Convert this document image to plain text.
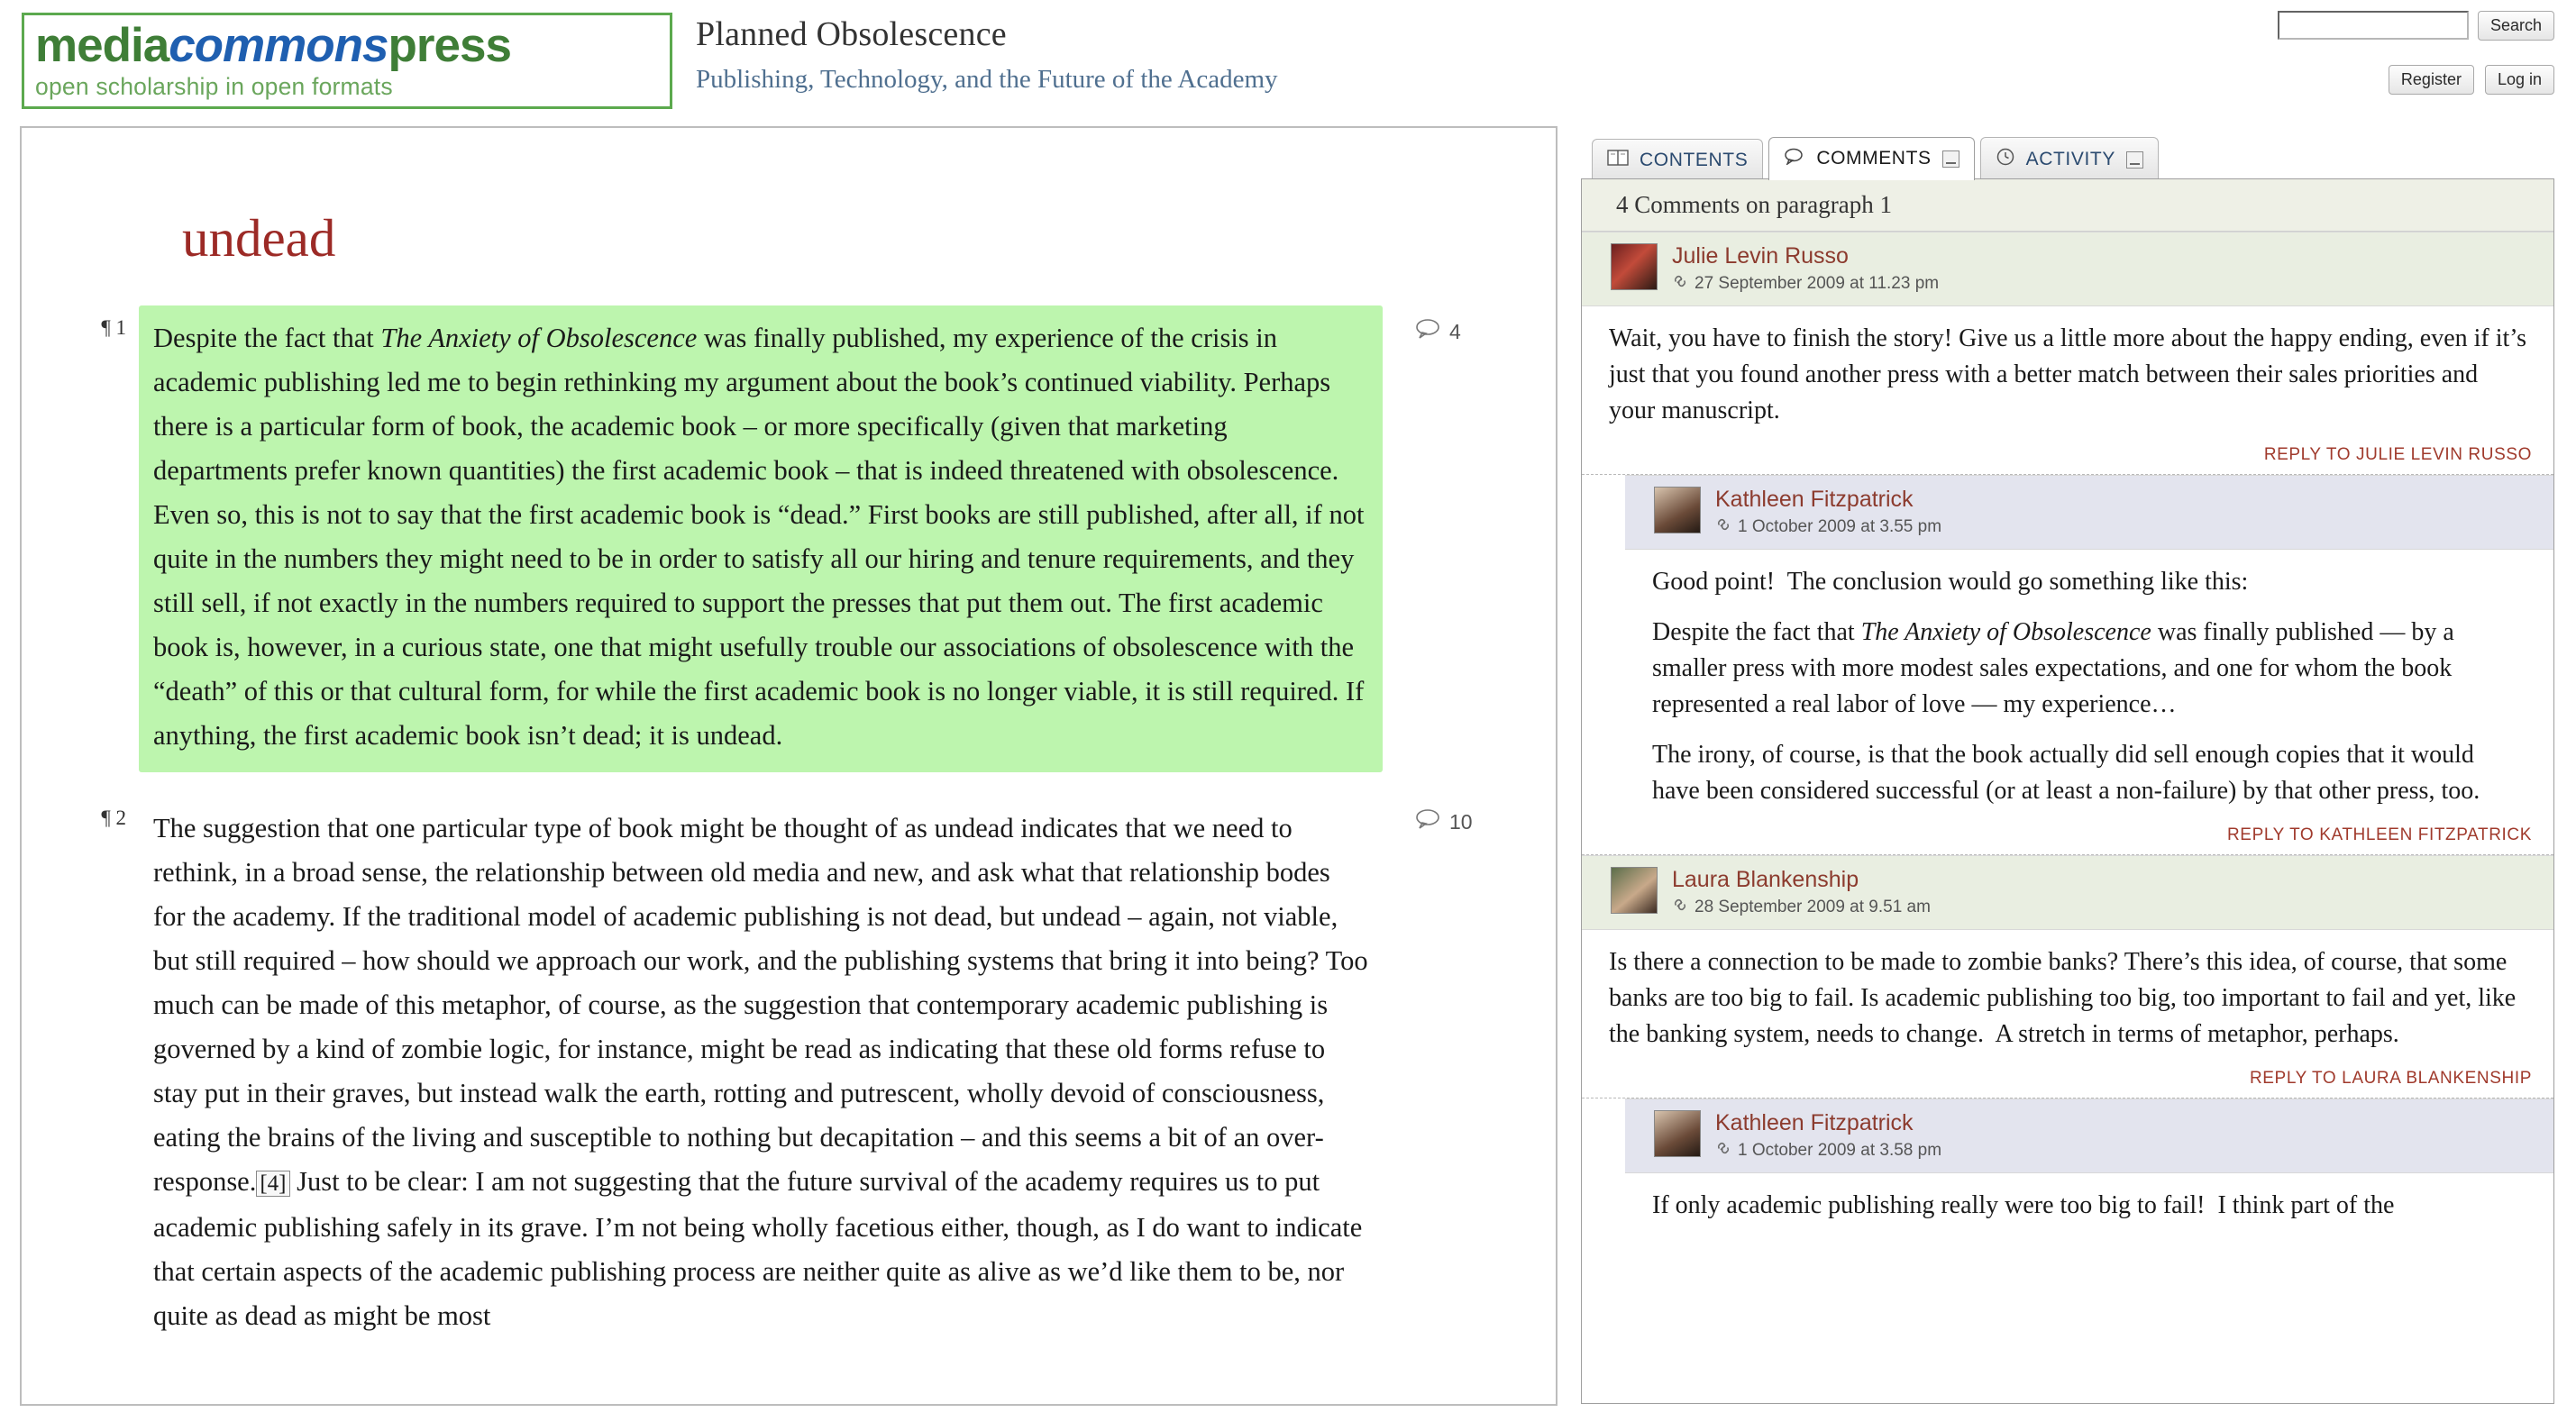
mediacommonspress
open scholarship in open formats
Planned Obsolescence
Publishing, Technology, and the Future of the Academy
Search
Register	Log in
undead
¶ 1 Despite the fact that The Anxiety of Obsolescence was finally published, my experience of the crisis in academic publishing led me to begin rethinking my argument about the book’s continued viability. Perhaps there is a particular form of book, the academic book – or more specifically (given that marketing departments prefer known quantities) the first academic book – that is indeed threatened with obsolescence. Even so, this is not to say that the first academic book is “dead.” First books are still published, after all, if not quite in the numbers they might need to be in order to satisfy all our hiring and tenure requirements, and they still sell, if not exactly in the numbers required to support the presses that put them out. The first academic book is, however, in a curious state, one that might usefully trouble our associations of obsolescence with the “death” of this or that cultural form, for while the first academic book is no longer viable, it is still required. If anything, the first academic book isn’t dead; it is undead.
4
¶ 2 The suggestion that one particular type of book might be thought of as undead indicates that we need to rethink, in a broad sense, the relationship between old media and new, and ask what that relationship bodes for the academy. If the traditional model of academic publishing is not dead, but undead – again, not viable, but still required – how should we approach our work, and the publishing systems that bring it into being? Too much can be made of this metaphor, of course, as the suggestion that contemporary academic publishing is governed by a kind of zombie logic, for instance, might be read as indicating that these old forms refuse to stay put in their graves, but instead walk the earth, rotting and putrescent, wholly devoid of consciousness, eating the brains of the living and susceptible to nothing but decapitation – and this seems a bit of an over-response. [4] Just to be clear: I am not suggesting that the future survival of the academy requires us to put academic publishing safely in its grave. I’m not being wholly facetious either, though, as I do want to indicate that certain aspects of the academic publishing process are neither quite as alive as we’d like them to be, nor quite as dead as might be most
10
CONTENTS	COMMENTS	ACTIVITY
4 Comments on paragraph 1
Julie Levin Russo
27 September 2009 at 11.23 pm

Wait, you have to finish the story! Give us a little more about the happy ending, even if it’s just that you found another press with a better match between their sales priorities and your manuscript.

REPLY TO JULIE LEVIN RUSSO
Kathleen Fitzpatrick
1 October 2009 at 3.55 pm

Good point!  The conclusion would go something like this:

Despite the fact that The Anxiety of Obsolescence was finally published — by a smaller press with more modest sales expectations, and one for whom the book represented a real labor of love — my experience…

The irony, of course, is that the book actually did sell enough copies that it would have been considered successful (or at least a non-failure) by that other press, too.

REPLY TO KATHLEEN FITZPATRICK
Laura Blankenship
28 September 2009 at 9.51 am

Is there a connection to be made to zombie banks? There’s this idea, of course, that some banks are too big to fail. Is academic publishing too big, too important to fail and yet, like the banking system, needs to change.  A stretch in terms of metaphor, perhaps.

REPLY TO LAURA BLANKENSHIP
Kathleen Fitzpatrick
1 October 2009 at 3.58 pm

If only academic publishing really were too big to fail!  I think part of the
